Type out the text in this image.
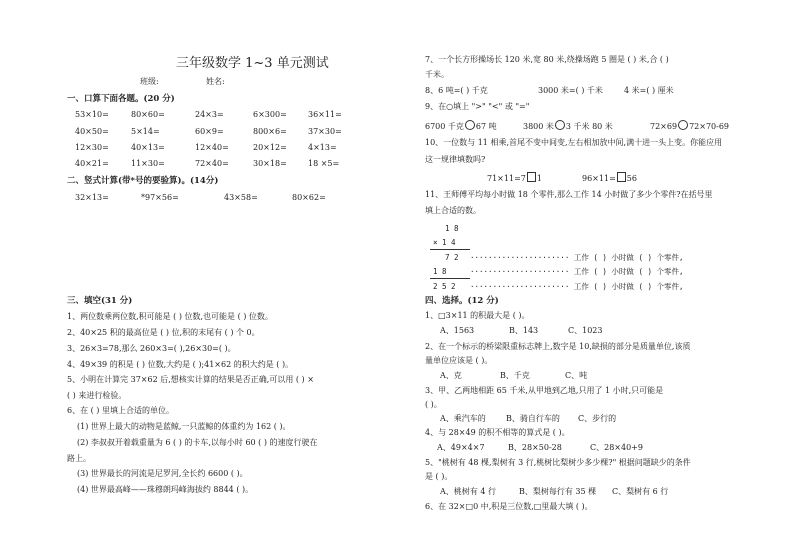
三年级数学 1~3 单元测试
班级:	姓名:
一、口算下面各题。(20 分)
53×10=	80×60=	24×3=	6×300=	36×11=
40×50=	5×14=	60×9=	800×6=	37×30=
12×30=	40×13=	12×40=	20×12=	4×13=
40×21=	11×30=	72×40=	30×18=	18 ×5=
二、竖式计算(带*号的要验算)。(14分)
32×13=	*97×56=	43×58=	80×62=
三、填空(31 分)
1、两位数乘两位数,积可能是 ( ) 位数,也可能是 ( ) 位数。
2、40×25 积的最高位是 ( ) 位,积的末尾有 ( ) 个 0。
3、26×3=78,那么 260×3=( ),26×30=( )。
4、49×39 的积是 ( ) 位数,大约是 ( );41×62 的积大约是 ( )。
5、小明在计算完 37×62 后,想核实计算的结果是否正确,可以用 ( ) ×
( ) 来进行检验。
6、在 ( ) 里填上合适的单位。
(1) 世界上最大的动物是蓝鲸,一只蓝鲸的体重约为 162 ( )。
(2) 李叔叔开着载重量为 6 ( ) 的卡车,以每小时 60 ( ) 的速度行驶在
路上。
(3) 世界最长的河流是尼罗河,全长约 6600 ( )。
(4) 世界最高峰——珠穆朗玛峰海拔约 8844 ( )。
7、一个长方形操场长 120 米,宽 80 米,绕操场跑 5 圈是 ( ) 米,合 ( )
千米。
8、6 吨=( ) 千克	3000 米=( ) 千米	4 米=( ) 厘米
9、在○填上 ">" "<" 或 "="
6700 千克 67 吨	3800 米 3 千米 80 米	72×69 72×70-69
10、一位数与 11 相乘,首尾不变中间变,左右相加放中间,满十进一头上变。你能应用
这一规律填数吗?
71×11=7 1	96×11= 56
11、王师傅平均每小时做 18 个零件,那么工作 14 小时做了多少个零件?在括号里
填上合适的数。
1 8
× 1 4
7 2 ······················ 工作 ( ) 小时做 ( ) 个零件,
1 8	······················ 工作 ( ) 小时做 ( ) 个零件,
2 5 2 ······················ 工作 ( ) 小时做 ( ) 个零件,
四、选择。(12 分)
1、□3×11 的积最大是 ( )。
A、1563	B、143	C、1023
2、在一个标示的桥梁限重标志牌上,数字是 10,缺损的部分是质量单位,该质
量单位应该是 ( )。
A、克	B、千克	C、吨
3、甲、乙两地相距 65 千米,从甲地到乙地,只用了 1 小时,只可能是
( )。
A、乘汽车的	B、骑自行车的 C、步行的
4、与 28×49 的积不相等的算式是 ( )。
A、49×4×7	B、28×50-28	C、28×40+9
5、"桃树有 48 棵,梨树有 3 行,桃树比梨树少多少棵?" 根据问题缺少的条件
是 ( )。
A、桃树有 4 行	B、梨树每行有 35 棵 C、梨树有 6 行
6、在 32×□0 中,积是三位数,□里最大填 ( )。
